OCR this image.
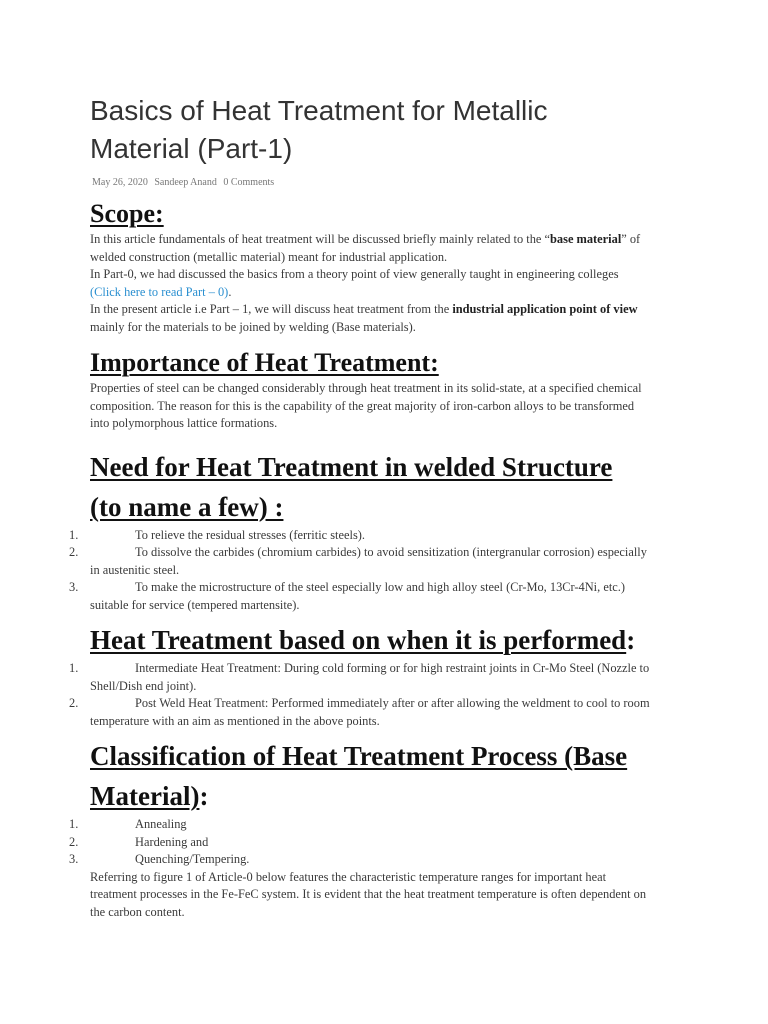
Basics of Heat Treatment for Metallic Material (Part-1)
May 26, 2020 Sandeep Anand 0 Comments
Scope:

In this article fundamentals of heat treatment will be discussed briefly mainly related to the “base material” of welded construction (metallic material) meant for industrial application.

In Part-0, we had discussed the basics from a theory point of view generally taught in engineering colleges (Click here to read Part – 0).

In the present article i.e Part – 1, we will discuss heat treatment from the industrial application point of view mainly for the materials to be joined by welding (Base materials).

Importance of Heat Treatment:

Properties of steel can be changed considerably through heat treatment in its solid-state, at a specified chemical composition. The reason for this is the capability of the great majority of iron-carbon alloys to be transformed into polymorphous lattice formations.

Need for Heat Treatment in welded Structure (to name a few) :
1.	To relieve the residual stresses (ferritic steels).
2.	To dissolve the carbides (chromium carbides) to avoid sensitization (intergranular corrosion) especially in austenitic steel.
3.	To make the microstructure of the steel especially low and high alloy steel (Cr-Mo, 13Cr-4Ni, etc.) suitable for service (tempered martensite).
Heat Treatment based on when it is performed:
1.	Intermediate Heat Treatment: During cold forming or for high restraint joints in Cr-Mo Steel (Nozzle to Shell/Dish end joint).
2.	Post Weld Heat Treatment: Performed immediately after or after allowing the weldment to cool to room temperature with an aim as mentioned in the above points.
Classification of Heat Treatment Process (Base Material):
1.	Annealing
2.	Hardening and
3.	Quenching/Tempering.

Referring to figure 1 of Article-0 below features the characteristic temperature ranges for important heat treatment processes in the Fe-FeC system. It is evident that the heat treatment temperature is often dependent on the carbon content.
